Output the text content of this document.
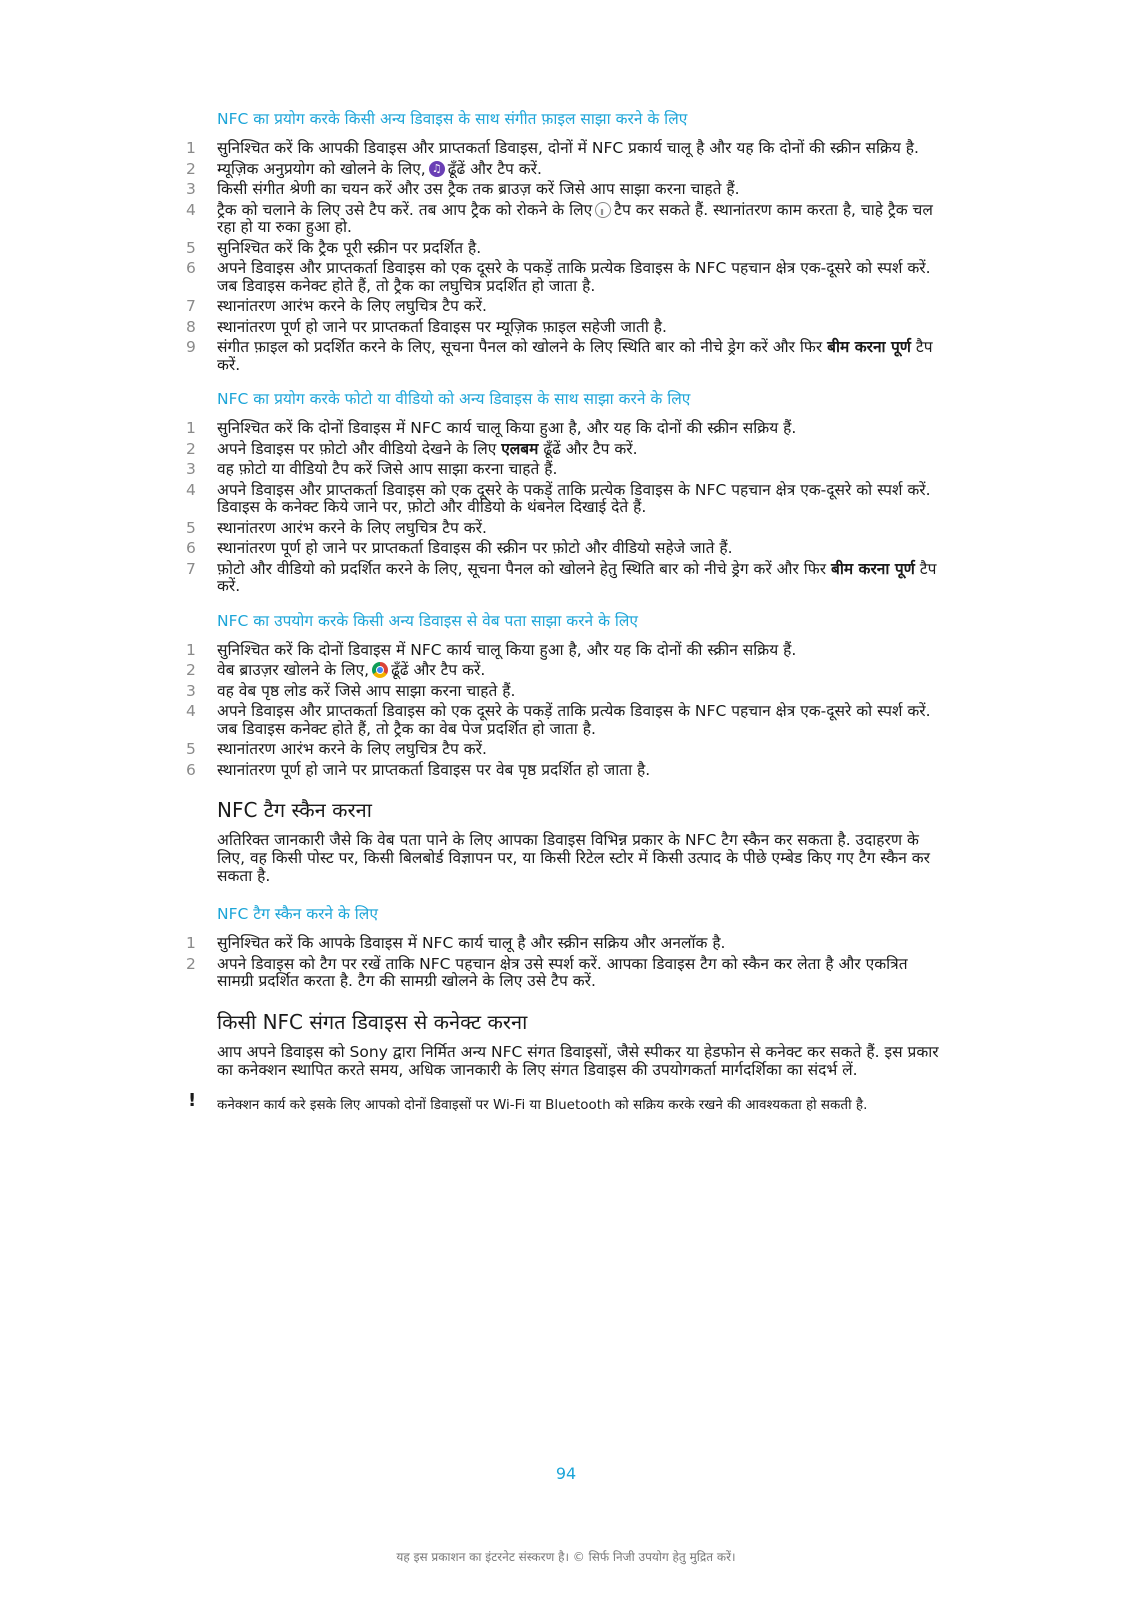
NFC का प्रयोग करके किसी अन्य डिवाइस के साथ संगीत फ़ाइल साझा करने के लिए
1 सुनिश्चित करें कि आपकी डिवाइस और प्राप्तकर्ता डिवाइस, दोनों में NFC प्रकार्य चालू है और यह कि दोनों की स्क्रीन सक्रिय है.
2 म्यूज़िक अनुप्रयोग को खोलने के लिए, ♫ ढूँढें और टैप करें.
3 किसी संगीत श्रेणी का चयन करें और उस ट्रैक तक ब्राउज़ करें जिसे आप साझा करना चाहते हैं.
4 ट्रैक को चलाने के लिए उसे टैप करें. तब आप ट्रैक को रोकने के लिए II टैप कर सकते हैं. स्थानांतरण काम करता है, चाहे ट्रैक चल रहा हो या रुका हुआ हो.
5 सुनिश्चित करें कि ट्रैक पूरी स्क्रीन पर प्रदर्शित है.
6 अपने डिवाइस और प्राप्तकर्ता डिवाइस को एक दूसरे के पकड़ें ताकि प्रत्येक डिवाइस के NFC पहचान क्षेत्र एक-दूसरे को स्पर्श करें. जब डिवाइस कनेक्ट होते हैं, तो ट्रैक का लघुचित्र प्रदर्शित हो जाता है.
7 स्थानांतरण आरंभ करने के लिए लघुचित्र टैप करें.
8 स्थानांतरण पूर्ण हो जाने पर प्राप्तकर्ता डिवाइस पर म्यूज़िक फ़ाइल सहेजी जाती है.
9 संगीत फ़ाइल को प्रदर्शित करने के लिए, सूचना पैनल को खोलने के लिए स्थिति बार को नीचे ड्रेग करें और फिर बीम करना पूर्ण टैप करें.
NFC का प्रयोग करके फोटो या वीडियो को अन्य डिवाइस के साथ साझा करने के लिए
1 सुनिश्चित करें कि दोनों डिवाइस में NFC कार्य चालू किया हुआ है, और यह कि दोनों की स्क्रीन सक्रिय हैं.
2 अपने डिवाइस पर फ़ोटो और वीडियो देखने के लिए एलबम ढूँढें और टैप करें.
3 वह फ़ोटो या वीडियो टैप करें जिसे आप साझा करना चाहते हैं.
4 अपने डिवाइस और प्राप्तकर्ता डिवाइस को एक दूसरे के पकड़ें ताकि प्रत्येक डिवाइस के NFC पहचान क्षेत्र एक-दूसरे को स्पर्श करें. डिवाइस के कनेक्ट किये जाने पर, फ़ोटो और वीडियो के थंबनेल दिखाई देते हैं.
5 स्थानांतरण आरंभ करने के लिए लघुचित्र टैप करें.
6 स्थानांतरण पूर्ण हो जाने पर प्राप्तकर्ता डिवाइस की स्क्रीन पर फ़ोटो और वीडियो सहेजे जाते हैं.
7 फ़ोटो और वीडियो को प्रदर्शित करने के लिए, सूचना पैनल को खोलने हेतु स्थिति बार को नीचे ड्रेग करें और फिर बीम करना पूर्ण टैप करें.
NFC का उपयोग करके किसी अन्य डिवाइस से वेब पता साझा करने के लिए
1 सुनिश्चित करें कि दोनों डिवाइस में NFC कार्य चालू किया हुआ है, और यह कि दोनों की स्क्रीन सक्रिय हैं.
2 वेब ब्राउज़र खोलने के लिए, ढूँढें और टैप करें.
3 वह वेब पृष्ठ लोड करें जिसे आप साझा करना चाहते हैं.
4 अपने डिवाइस और प्राप्तकर्ता डिवाइस को एक दूसरे के पकड़ें ताकि प्रत्येक डिवाइस के NFC पहचान क्षेत्र एक-दूसरे को स्पर्श करें. जब डिवाइस कनेक्ट होते हैं, तो ट्रैक का वेब पेज प्रदर्शित हो जाता है.
5 स्थानांतरण आरंभ करने के लिए लघुचित्र टैप करें.
6 स्थानांतरण पूर्ण हो जाने पर प्राप्तकर्ता डिवाइस पर वेब पृष्ठ प्रदर्शित हो जाता है.
NFC टैग स्कैन करना

अतिरिक्त जानकारी जैसे कि वेब पता पाने के लिए आपका डिवाइस विभिन्न प्रकार के NFC टैग स्कैन कर सकता है. उदाहरण के लिए, वह किसी पोस्ट पर, किसी बिलबोर्ड विज्ञापन पर, या किसी रिटेल स्टोर में किसी उत्पाद के पीछे एम्बेड किए गए टैग स्कैन कर सकता है.

NFC टैग स्कैन करने के लिए
1 सुनिश्चित करें कि आपके डिवाइस में NFC कार्य चालू है और स्क्रीन सक्रिय और अनलॉक है.
2 अपने डिवाइस को टैग पर रखें ताकि NFC पहचान क्षेत्र उसे स्पर्श करें. आपका डिवाइस टैग को स्कैन कर लेता है और एकत्रित सामग्री प्रदर्शित करता है. टैग की सामग्री खोलने के लिए उसे टैप करें.
किसी NFC संगत डिवाइस से कनेक्ट करना

आप अपने डिवाइस को Sony द्वारा निर्मित अन्य NFC संगत डिवाइसों, जैसे स्पीकर या हेडफोन से कनेक्ट कर सकते हैं. इस प्रकार का कनेक्शन स्थापित करते समय, अधिक जानकारी के लिए संगत डिवाइस की उपयोगकर्ता मार्गदर्शिका का संदर्भ लें.

! कनेक्शन कार्य करे इसके लिए आपको दोनों डिवाइसों पर Wi-Fi या Bluetooth को सक्रिय करके रखने की आवश्यकता हो सकती है.
94
यह इस प्रकाशन का इंटरनेट संस्करण है। © सिर्फ निजी उपयोग हेतु मुद्रित करें।
